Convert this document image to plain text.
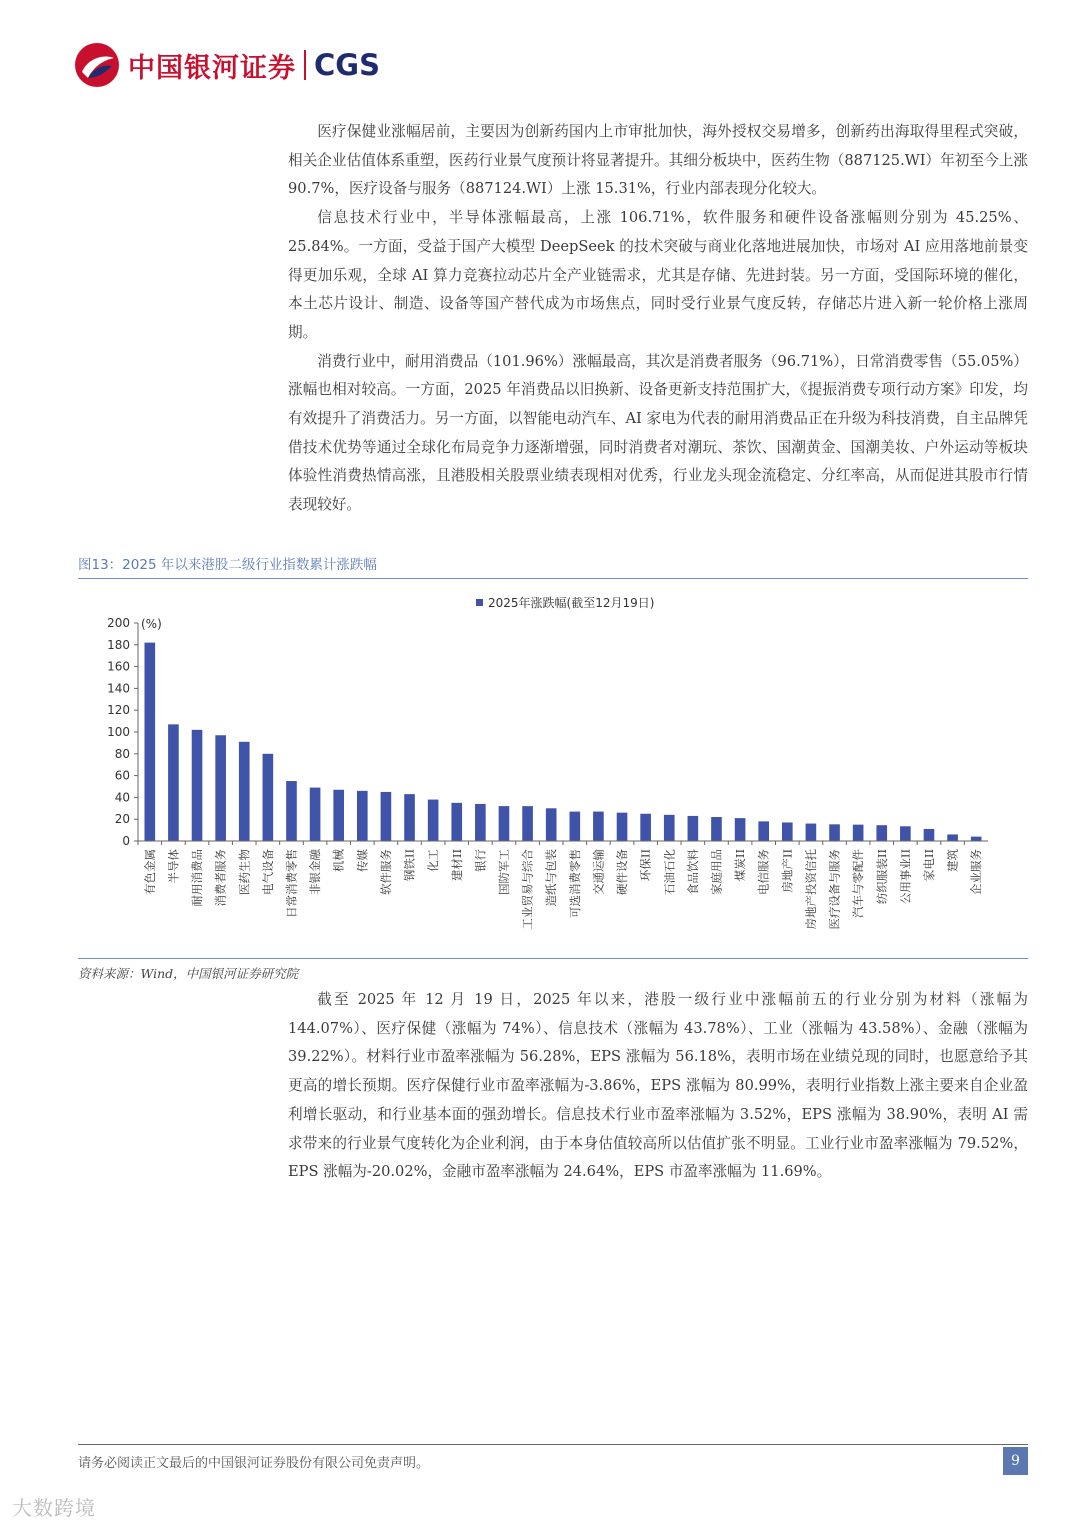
中国银河证券 CGS

医疗保健业涨幅居前，主要因为创新药国内上市审批加快，海外授权交易增多，创新药出海取得里程式突破，相关企业估值体系重塑，医药行业景气度预计将显著提升。其细分板块中，医药生物（887125.WI）年初至今上涨 90.7%，医疗设备与服务（887124.WI）上涨 15.31%，行业内部表现分化较大。

信息技术行业中，半导体涨幅最高，上涨 106.71%，软件服务和硬件设备涨幅则分别为 45.25%、25.84%。一方面，受益于国产大模型 DeepSeek 的技术突破与商业化落地进展加快，市场对 AI 应用落地前景变得更加乐观，全球 AI 算力竞赛拉动芯片全产业链需求，尤其是存储、先进封装。另一方面，受国际环境的催化，本土芯片设计、制造、设备等国产替代成为市场焦点，同时受行业景气度反转，存储芯片进入新一轮价格上涨周期。

消费行业中，耐用消费品（101.96%）涨幅最高，其次是消费者服务（96.71%），日常消费零售（55.05%）涨幅也相对较高。一方面，2025 年消费品以旧换新、设备更新支持范围扩大，《提振消费专项行动方案》印发，均有效提升了消费活力。另一方面，以智能电动汽车、AI 家电为代表的耐用消费品正在升级为科技消费，自主品牌凭借技术优势等通过全球化布局竞争力逐渐增强，同时消费者对潮玩、茶饮、国潮黄金、国潮美妆、户外运动等板块体验性消费热情高涨，且港股相关股票业绩表现相对优秀，行业龙头现金流稳定、分红率高，从而促进其股市行情表现较好。

图13：2025 年以来港股二级行业指数累计涨跌幅
2025年涨跌幅(截至12月19日)
(%)
0
20
40
60
80
100
120
140
160
180
200
有色金属 半导体 耐用消费品 消费者服务 医药生物 电气设备 日常消费零售 非银金融 机械 传媒 软件服务 钢铁II 化工 建材II 银行 国防军工 工业贸易与综合 造纸与包装 可选消费零售 交通运输 硬件设备 环保II 石油石化 食品饮料 家庭用品 煤炭II 电信服务 房地产II 房地产投资信托 医疗设备与服务 汽车与零配件 纺织服装II 公用事业II 家电II 建筑 企业服务
资料来源：Wind，中国银河证券研究院

截至 2025 年 12 月 19 日，2025 年以来，港股一级行业中涨幅前五的行业分别为材料（涨幅为 144.07%）、医疗保健（涨幅为 74%）、信息技术（涨幅为 43.78%）、工业（涨幅为 43.58%）、金融（涨幅为 39.22%）。材料行业市盈率涨幅为 56.28%，EPS 涨幅为 56.18%，表明市场在业绩兑现的同时，也愿意给予其更高的增长预期。医疗保健行业市盈率涨幅为-3.86%，EPS 涨幅为 80.99%，表明行业指数上涨主要来自企业盈利增长驱动，和行业基本面的强劲增长。信息技术行业市盈率涨幅为 3.52%，EPS 涨幅为 38.90%，表明 AI 需求带来的行业景气度转化为企业利润，由于本身估值较高所以估值扩张不明显。工业行业市盈率涨幅为 79.52%，EPS 涨幅为-20.02%，金融市盈率涨幅为 24.64%，EPS 市盈率涨幅为 11.69%。

请务必阅读正文最后的中国银河证券股份有限公司免责声明。	9
大数跨境
